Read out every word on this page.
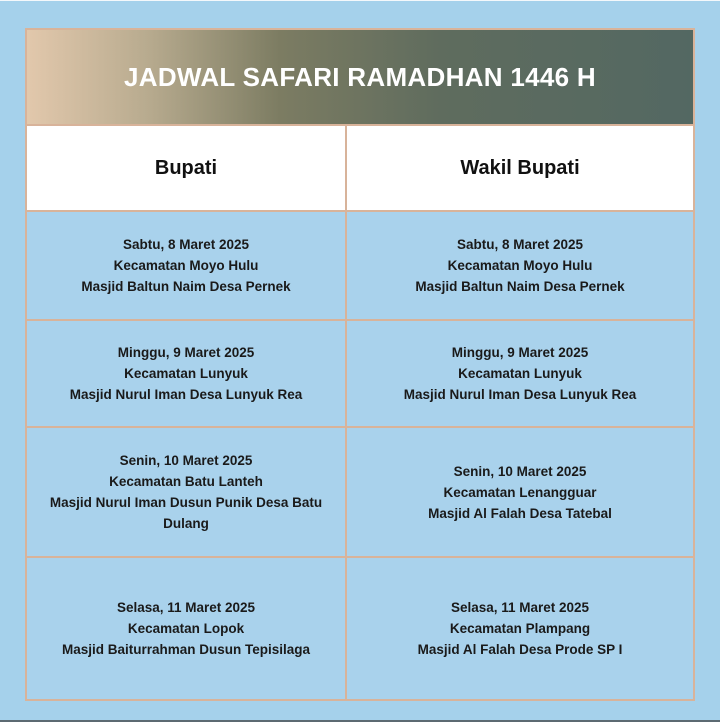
JADWAL SAFARI RAMADHAN 1446 H
Bupati	Wakil Bupati
Sabtu, 8 Maret 2025
Kecamatan Moyo Hulu
Masjid Baltun Naim Desa Pernek
Sabtu, 8 Maret 2025
Kecamatan Moyo Hulu
Masjid Baltun Naim Desa Pernek
Minggu, 9 Maret 2025
Kecamatan Lunyuk
Masjid Nurul Iman Desa Lunyuk Rea
Minggu, 9 Maret 2025
Kecamatan Lunyuk
Masjid Nurul Iman Desa Lunyuk Rea
Senin, 10 Maret 2025
Kecamatan Batu Lanteh
Masjid Nurul Iman Dusun Punik Desa Batu Dulang
Senin, 10 Maret 2025
Kecamatan Lenangguar
Masjid Al Falah Desa Tatebal
Selasa, 11 Maret 2025
Kecamatan Lopok
Masjid Baiturrahman Dusun Tepisilaga
Selasa, 11 Maret 2025
Kecamatan Plampang
Masjid Al Falah Desa Prode SP I
